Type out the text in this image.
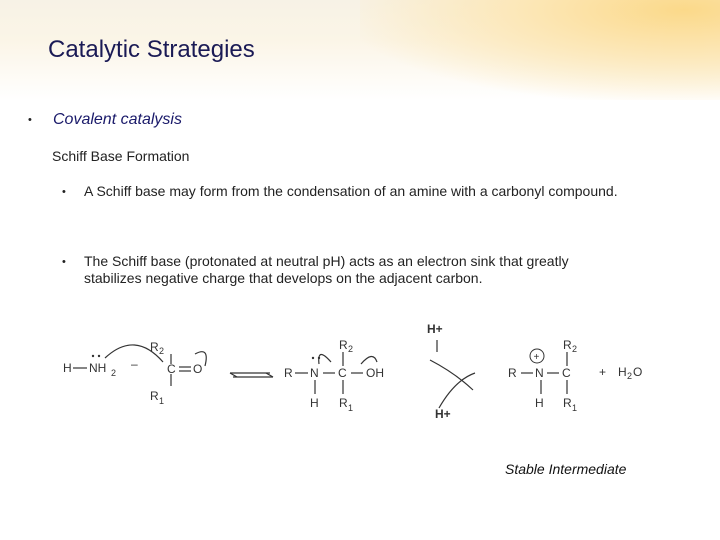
Catalytic Strategies
• Covalent catalysis
Schiff Base Formation
• A Schiff base may form from the condensation of an amine with a carbonyl compound.
• The Schiff base (protonated at neutral pH) acts as an electron sink that greatly stabilizes negative charge that develops on the adjacent carbon.
H NH 2
–
R 2
C O
R 1
R N C OH
H
R 2
R 1
H+
H+
R N
+
C
H
R 2
R 1
+ H 2 O
Stable Intermediate
